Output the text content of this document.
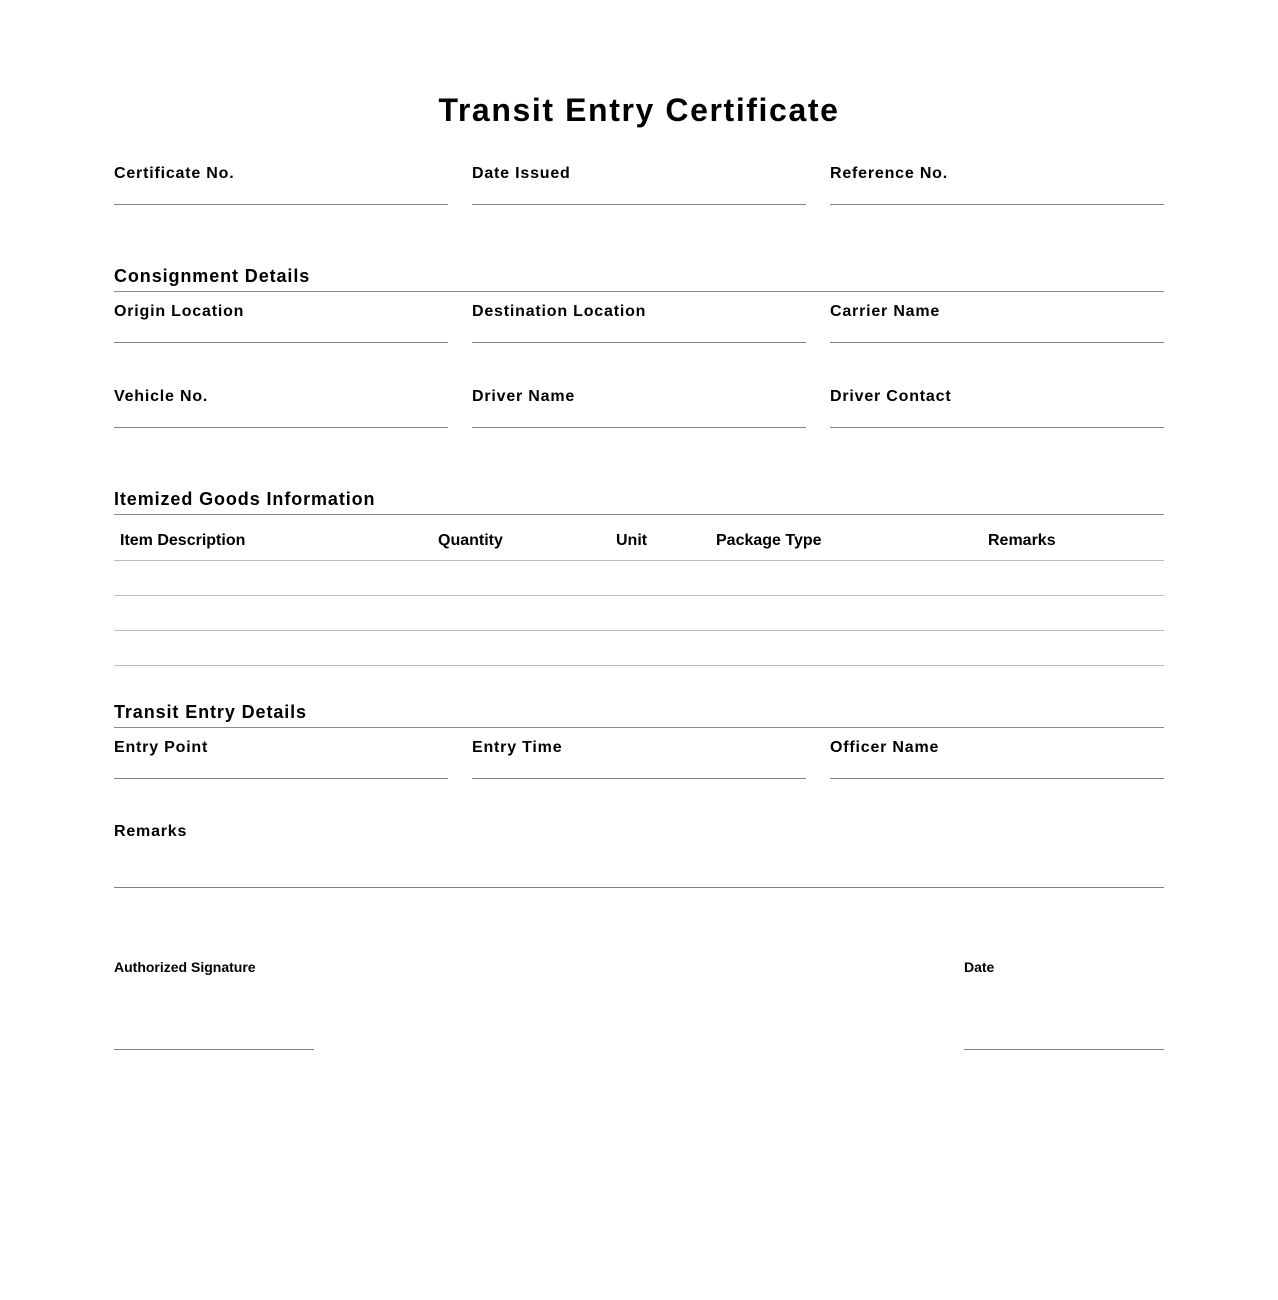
Transit Entry Certificate
Certificate No.	Date Issued	Reference No.
Consignment Details
Origin Location	Destination Location	Carrier Name
Vehicle No.	Driver Name	Driver Contact
Itemized Goods Information
Item Description	Quantity	Unit	Package Type	Remarks

Transit Entry Details
Entry Point	Entry Time	Officer Name
Remarks
Authorized Signature	Date
